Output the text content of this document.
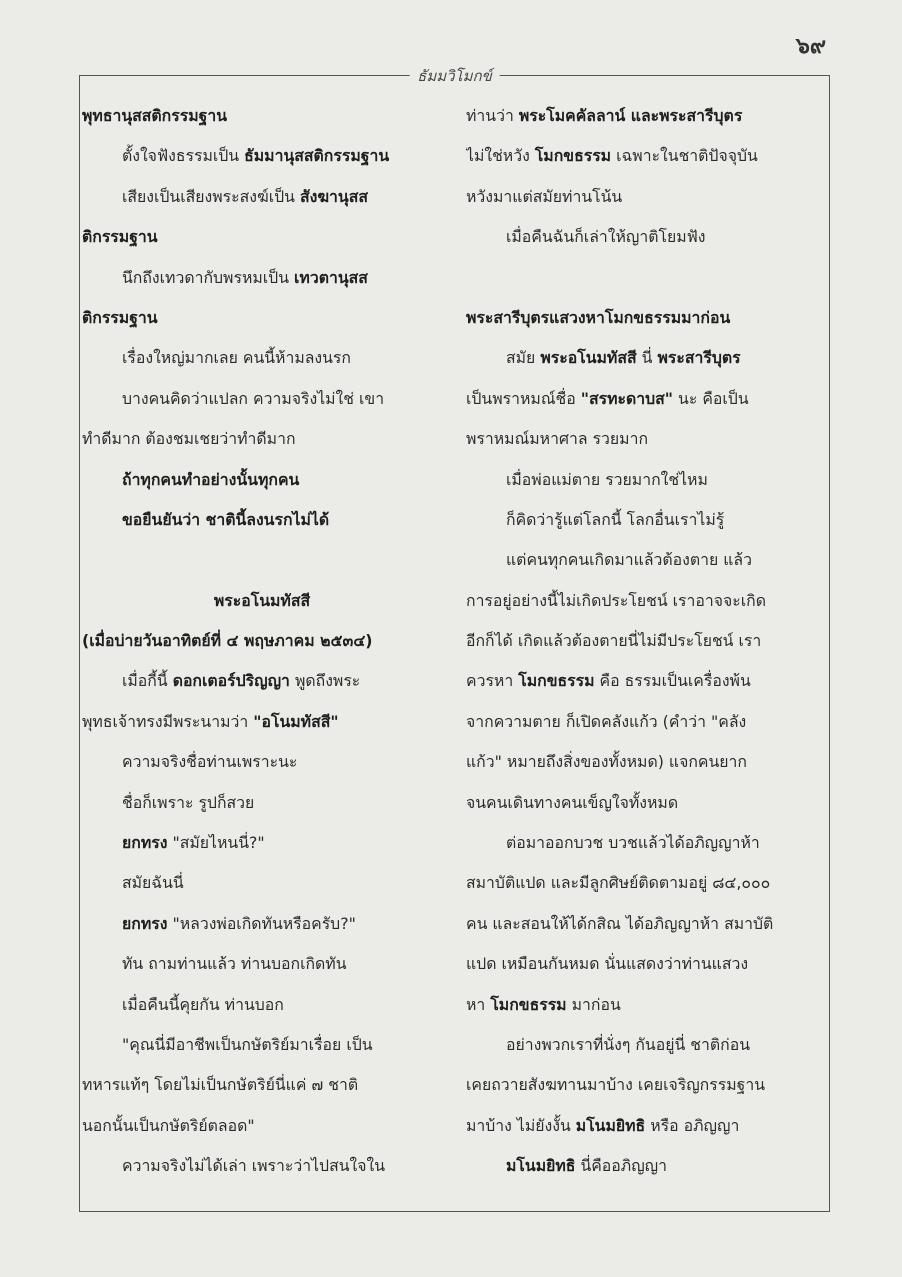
๖๙
ธัมมวิโมกข์
พุทธานุสสติกรรมฐาน
ตั้งใจฟังธรรมเป็น ธัมมานุสสติกรรมฐาน
เสียงเป็นเสียงพระสงฆ์เป็น สังฆานุสส
ติกรรมฐาน
นึกถึงเทวดากับพรหมเป็น เทวตานุสส
ติกรรมฐาน
เรื่องใหญ่มากเลย คนนี้ห้ามลงนรก
บางคนคิดว่าแปลก ความจริงไม่ใช่ เขา
ทำดีมาก ต้องชมเชยว่าทำดีมาก
ถ้าทุกคนทำอย่างนั้นทุกคน
ขอยืนยันว่า ชาตินี้ลงนรกไม่ได้
พระอโนมทัสสี
(เมื่อบ่ายวันอาทิตย์ที่ ๔ พฤษภาคม ๒๕๓๔)
เมื่อกี้นี้ ดอกเตอร์ปริญญา พูดถึงพระ
พุทธเจ้าทรงมีพระนามว่า "อโนมทัสสี"
ความจริงชื่อท่านเพราะนะ
ชื่อก็เพราะ รูปก็สวย
ยกทรง "สมัยไหนนี่?"
สมัยฉันนี่
ยกทรง "หลวงพ่อเกิดทันหรือครับ?"
ทัน ถามท่านแล้ว ท่านบอกเกิดทัน
เมื่อคืนนี้คุยกัน ท่านบอก
"คุณนี่มีอาชีพเป็นกษัตริย์มาเรื่อย เป็น
ทหารแท้ๆ โดยไม่เป็นกษัตริย์นี่แค่ ๗ ชาติ
นอกนั้นเป็นกษัตริย์ตลอด"
ความจริงไม่ได้เล่า เพราะว่าไปสนใจใน
ท่านว่า พระโมคคัลลาน์ และพระสารีบุตร
ไม่ใช่หวัง โมกขธรรม เฉพาะในชาติปัจจุบัน
หวังมาแต่สมัยท่านโน้น
เมื่อคืนฉันก็เล่าให้ญาติโยมฟัง
พระสารีบุตรแสวงหาโมกขธรรมมาก่อน
สมัย พระอโนมทัสสี นี่ พระสารีบุตร
เป็นพราหมณ์ชื่อ "สรทะดาบส" นะ คือเป็น
พราหมณ์มหาศาล รวยมาก
เมื่อพ่อแม่ตาย รวยมากใช่ไหม
ก็คิดว่ารู้แต่โลกนี้ โลกอื่นเราไม่รู้
แต่คนทุกคนเกิดมาแล้วต้องตาย แล้ว
การอยู่อย่างนี้ไม่เกิดประโยชน์ เราอาจจะเกิด
อีกก็ได้ เกิดแล้วต้องตายนี่ไม่มีประโยชน์ เรา
ควรหา โมกขธรรม คือ ธรรมเป็นเครื่องพ้น
จากความตาย ก็เปิดคลังแก้ว (คำว่า "คลัง
แก้ว" หมายถึงสิ่งของทั้งหมด) แจกคนยาก
จนคนเดินทางคนเข็ญใจทั้งหมด
ต่อมาออกบวช บวชแล้วได้อภิญญาห้า
สมาบัติแปด และมีลูกศิษย์ติดตามอยู่ ๘๔,๐๐๐
คน และสอนให้ได้กสิณ ได้อภิญญาห้า สมาบัติ
แปด เหมือนกันหมด นั่นแสดงว่าท่านแสวง
หา โมกขธรรม มาก่อน
อย่างพวกเราที่นั่งๆ กันอยู่นี่ ชาติก่อน
เคยถวายสังฆทานมาบ้าง เคยเจริญกรรมฐาน
มาบ้าง ไม่ยังงั้น มโนมยิทธิ หรือ อภิญญา
มโนมยิทธิ นี่คืออภิญญา
